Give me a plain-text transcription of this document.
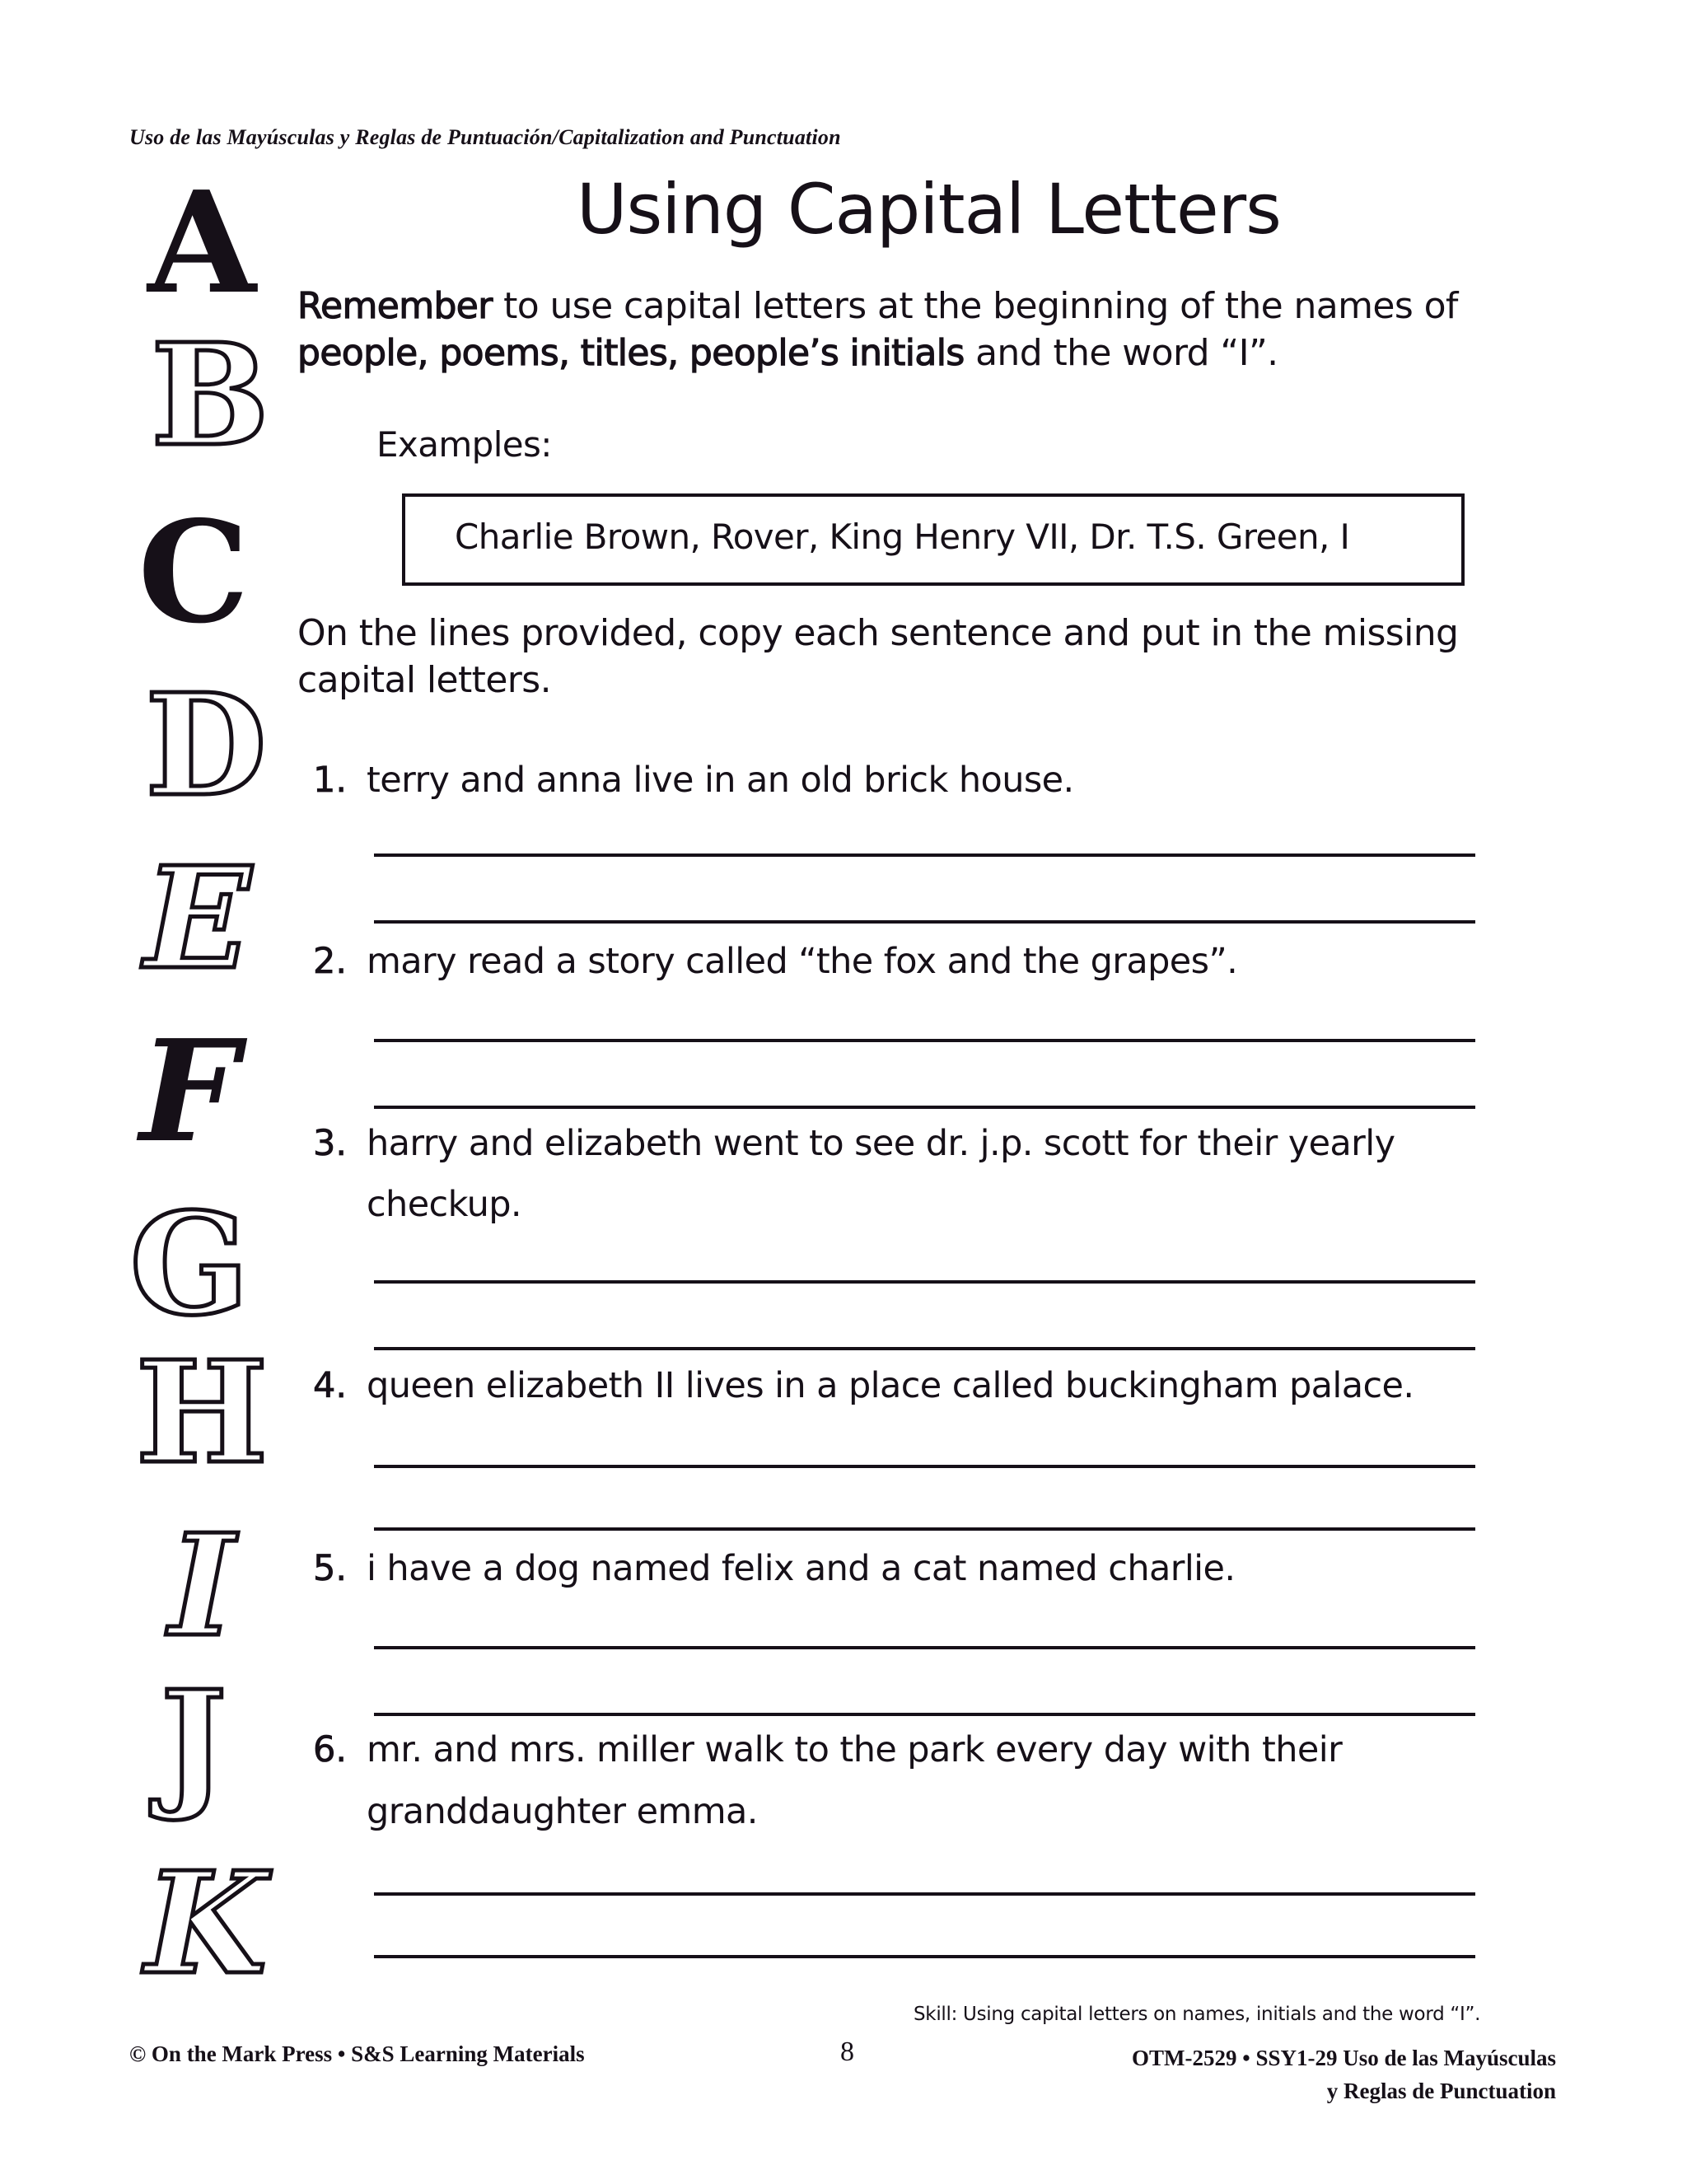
Uso de las Mayúsculas y Reglas de Puntuación/Capitalization and Punctuation
Using Capital Letters
A
B
C
D
E
F
G
H
I
J
K
Remember to use capital letters at the beginning of the names of
people, poems, titles, people’s initials and the word “I”.
Examples:
Charlie Brown, Rover, King Henry VII, Dr. T.S. Green, I
On the lines provided, copy each sentence and put in the missing
capital letters.
1. terry and anna live in an old brick house.
2. mary read a story called “the fox and the grapes”.
3. harry and elizabeth went to see dr. j.p. scott for their yearly
checkup.
4. queen elizabeth II lives in a place called buckingham palace.
5. i have a dog named felix and a cat named charlie.
6. mr. and mrs. miller walk to the park every day with their
granddaughter emma.
Skill: Using capital letters on names, initials and the word “I”.
© On the Mark Press • S&S Learning Materials	8	OTM-2529 • SSY1-29 Uso de las Mayúsculas
y Reglas de Punctuation
